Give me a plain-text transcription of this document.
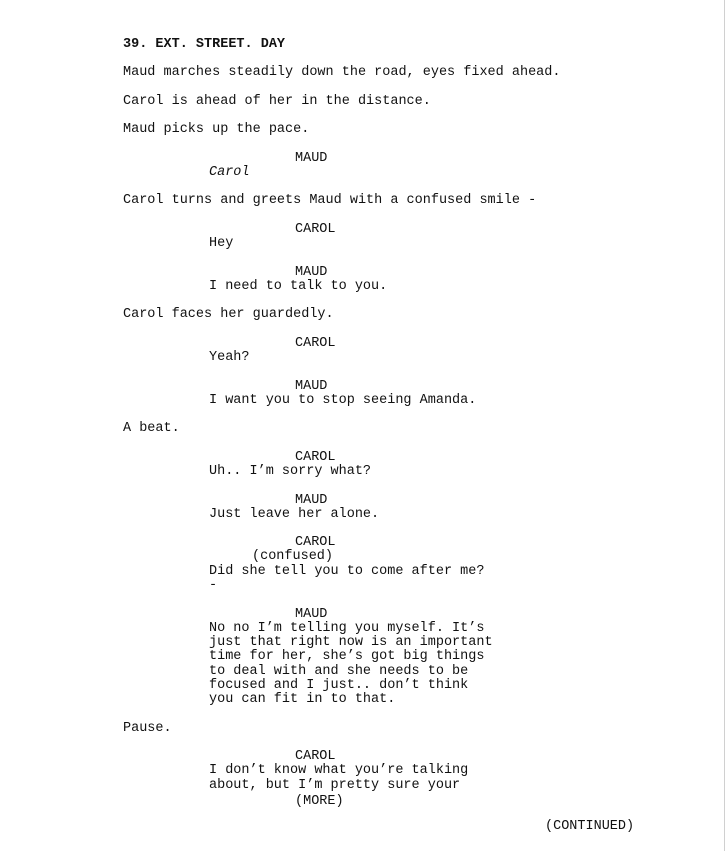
39. EXT. STREET. DAY
Maud marches steadily down the road, eyes fixed ahead.
Carol is ahead of her in the distance.
Maud picks up the pace.
MAUD
Carol
Carol turns and greets Maud with a confused smile -
CAROL
Hey
MAUD
I need to talk to you.
Carol faces her guardedly.
CAROL
Yeah?
MAUD
I want you to stop seeing Amanda.
A beat.
CAROL
Uh.. I’m sorry what?
MAUD
Just leave her alone.
CAROL
(confused)
Did she tell you to come after me?
-
MAUD
No no I’m telling you myself. It’s
just that right now is an important
time for her, she’s got big things
to deal with and she needs to be
focused and I just.. don’t think
you can fit in to that.
Pause.
CAROL
I don’t know what you’re talking
about, but I’m pretty sure your
(MORE)
(CONTINUED)
